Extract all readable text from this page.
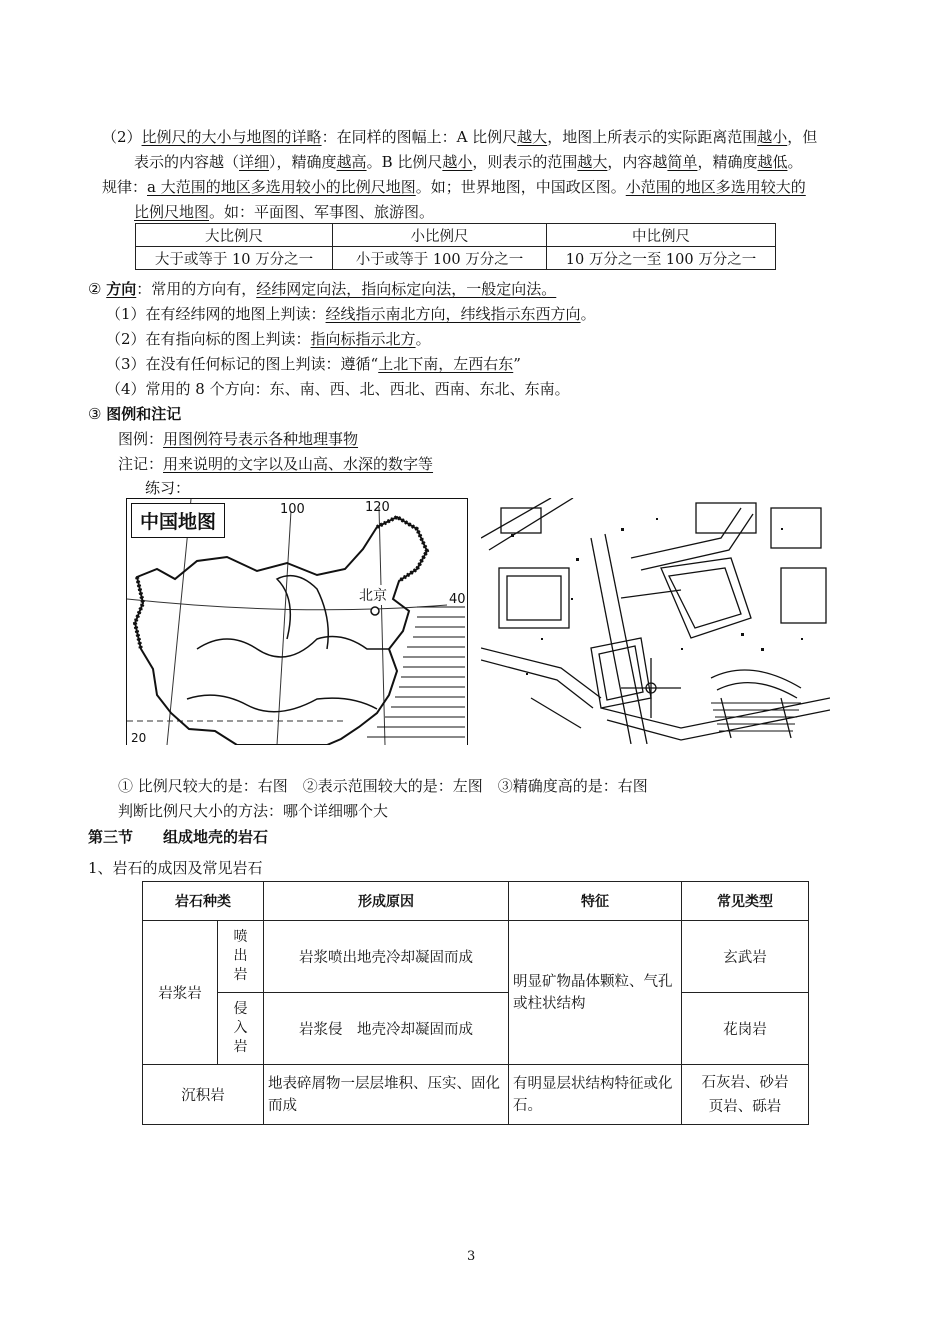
（2）比例尺的大小与地图的详略：在同样的图幅上：A 比例尺越大，地图上所表示的实际距离范围越小，但
表示的内容越（详细），精确度越高。B 比例尺越小，则表示的范围越大，内容越简单，精确度越低。
规律：a 大范围的地区多选用较小的比例尺地图。如；世界地图，中国政区图。小范围的地区多选用较大的
比例尺地图。如：平面图、军事图、旅游图。
大比例尺	小比例尺	中比例尺
大于或等于 10 万分之一	小于或等于 100 万分之一	10 万分之一至 100 万分之一
② 方向：常用的方向有，经纬网定向法，指向标定向法，一般定向法。
（1）在有经纬网的地图上判读：经线指示南北方向，纬线指示东西方向。
（2）在有指向标的图上判读：指向标指示北方。
（3）在没有任何标记的图上判读：遵循“上北下南，左西右东”
（4）常用的 8 个方向：东、南、西、北、西北、西南、东北、东南。
③ 图例和注记
图例：用图例符号表示各种地理事物
注记：用来说明的文字以及山高、水深的数字等
练习：
中国地图
100	120
40
20
北京
① 比例尺较大的是：右图　②表示范围较大的是：左图　③精确度高的是：右图
判断比例尺大小的方法：哪个详细哪个大
第三节　　组成地壳的岩石
1、岩石的成因及常见岩石
岩石种类		形成原因	特征	常见类型
岩浆岩	喷出岩	岩浆喷出地壳冷却凝固而成	明显矿物晶体颗粒、气孔或柱状结构	玄武岩

	侵入岩	岩浆侵　地壳冷却凝固而成		花岗岩
沉积岩		地表碎屑物一层层堆积、压实、固化而成	有明显层状结构特征或化石。	石灰岩、砂岩
页岩、砾岩
3
